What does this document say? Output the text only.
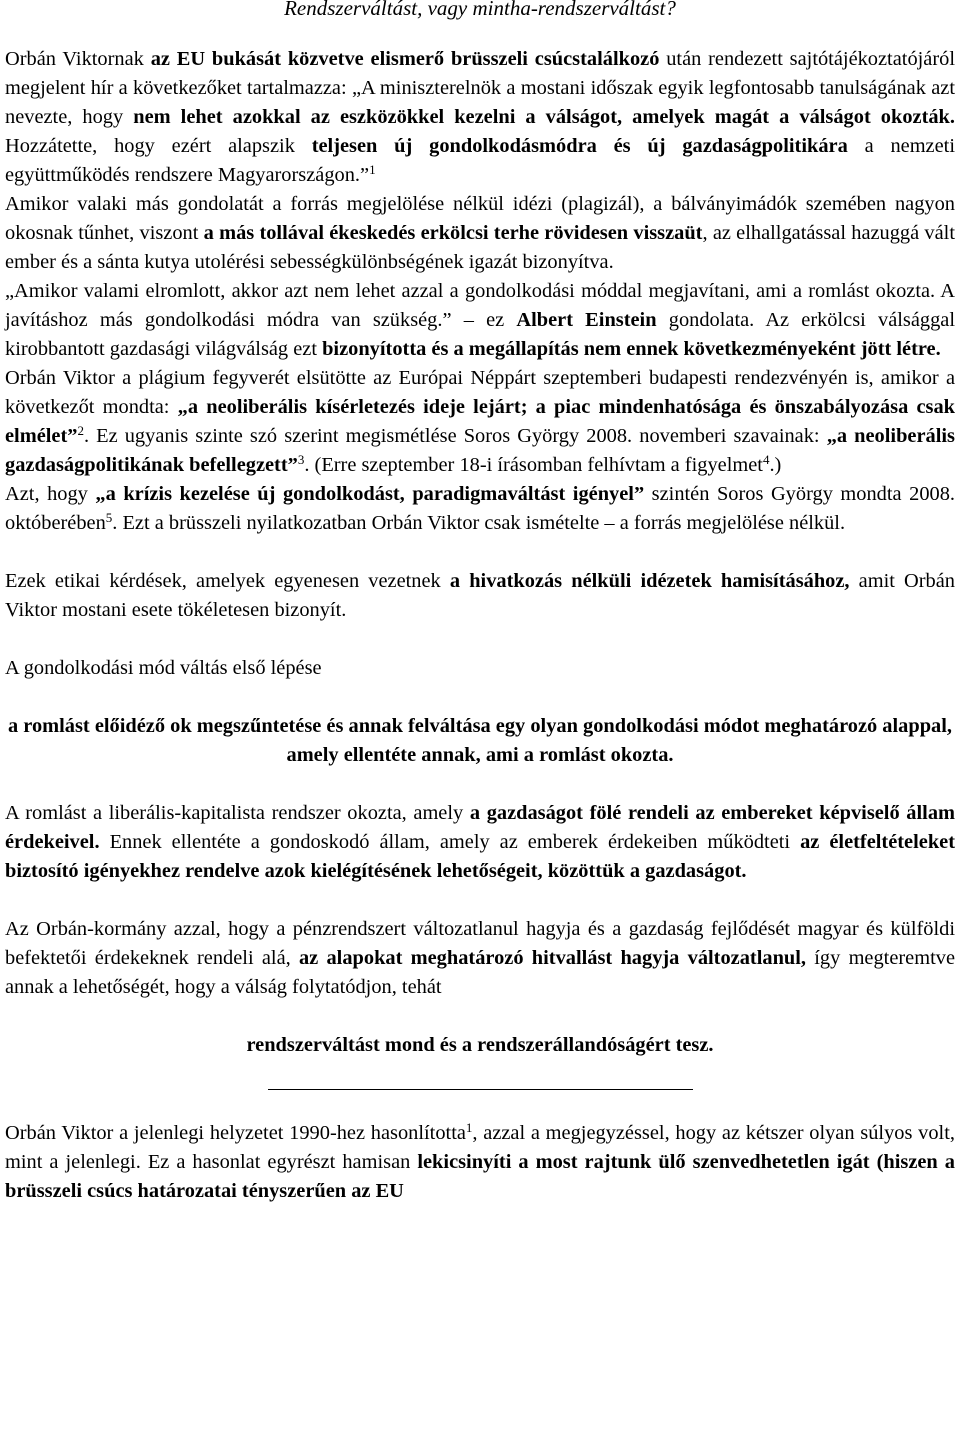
Rendszerváltást, vagy mintha-rendszerváltást?

Orbán Viktornak az EU bukását közvetve elismerő brüsszeli csúcstalálkozó után rendezett sajtótájékoztatójáról megjelent hír a következőket tartalmazza: „A miniszterelnök a mostani időszak egyik legfontosabb tanulságának azt nevezte, hogy nem lehet azokkal az eszközökkel kezelni a válságot, amelyek magát a válságot okozták. Hozzátette, hogy ezért alapszik teljesen új gondolkodásmódra és új gazdaságpolitikára a nemzeti együttműködés rendszere Magyarországon.”$^1$

Amikor valaki más gondolatát a forrás megjelölése nélkül idézi (plagizál), a bálványimádók szemében nagyon okosnak tűnhet, viszont a más tollával ékeskedés erkölcsi terhe rövidesen visszaüt, az elhallgatással hazuggá vált ember és a sánta kutya utolérési sebességkülönbségének igazát bizonyítva.

„Amikor valami elromlott, akkor azt nem lehet azzal a gondolkodási móddal megjavítani, ami a romlást okozta. A javításhoz más gondolkodási módra van szükség.” – ez Albert Einstein gondolata. Az erkölcsi válsággal kirobbantott gazdasági világválság ezt bizonyította és a megállapítás nem ennek következményeként jött létre.

Orbán Viktor a plágium fegyverét elsütötte az Európai Néppárt szeptemberi budapesti rendezvényén is, amikor a következőt mondta: „a neoliberális kísérletezés ideje lejárt; a piac mindenhatósága és önszabályozása csak elmélet”$^2$. Ez ugyanis szinte szó szerint megismétlése Soros György 2008. novemberi szavainak: „a neoliberális gazdaságpolitikának befellegzett”$^3$. (Erre szeptember 18-i írásomban felhívtam a figyelmet$^4$.)

Azt, hogy „a krízis kezelése új gondolkodást, paradigmaváltást igényel” szintén Soros György mondta 2008. októberében$^5$. Ezt a brüsszeli nyilatkozatban Orbán Viktor csak ismételte – a forrás megjelölése nélkül.

Ezek etikai kérdések, amelyek egyenesen vezetnek a hivatkozás nélküli idézetek hamisításához, amit Orbán Viktor mostani esete tökéletesen bizonyít.

A gondolkodási mód váltás első lépése

a romlást előidéző ok megszűntetése és annak felváltása egy olyan gondolkodási módot meghatározó alappal, amely ellentéte annak, ami a romlást okozta.

A romlást a liberális-kapitalista rendszer okozta, amely a gazdaságot fölé rendeli az embereket képviselő állam érdekeivel. Ennek ellentéte a gondoskodó állam, amely az emberek érdekeiben működteti az életfeltételeket biztosító igényekhez rendelve azok kielégítésének lehetőségeit, közöttük a gazdaságot.

Az Orbán-kormány azzal, hogy a pénzrendszert változatlanul hagyja és a gazdaság fejlődését magyar és külföldi befektetői érdekeknek rendeli alá, az alapokat meghatározó hitvallást hagyja változatlanul, így megteremtve annak a lehetőségét, hogy a válság folytatódjon, tehát

rendszerváltást mond és a rendszerállandóságért tesz.

Orbán Viktor a jelenlegi helyzetet 1990-hez hasonlította$^1$, azzal a megjegyzéssel, hogy az kétszer olyan súlyos volt, mint a jelenlegi. Ez a hasonlat egyrészt hamisan lekicsinyíti a most rajtunk ülő szenvedhetetlen igát (hiszen a brüsszeli csúcs határozatai tényszerűen az EU
